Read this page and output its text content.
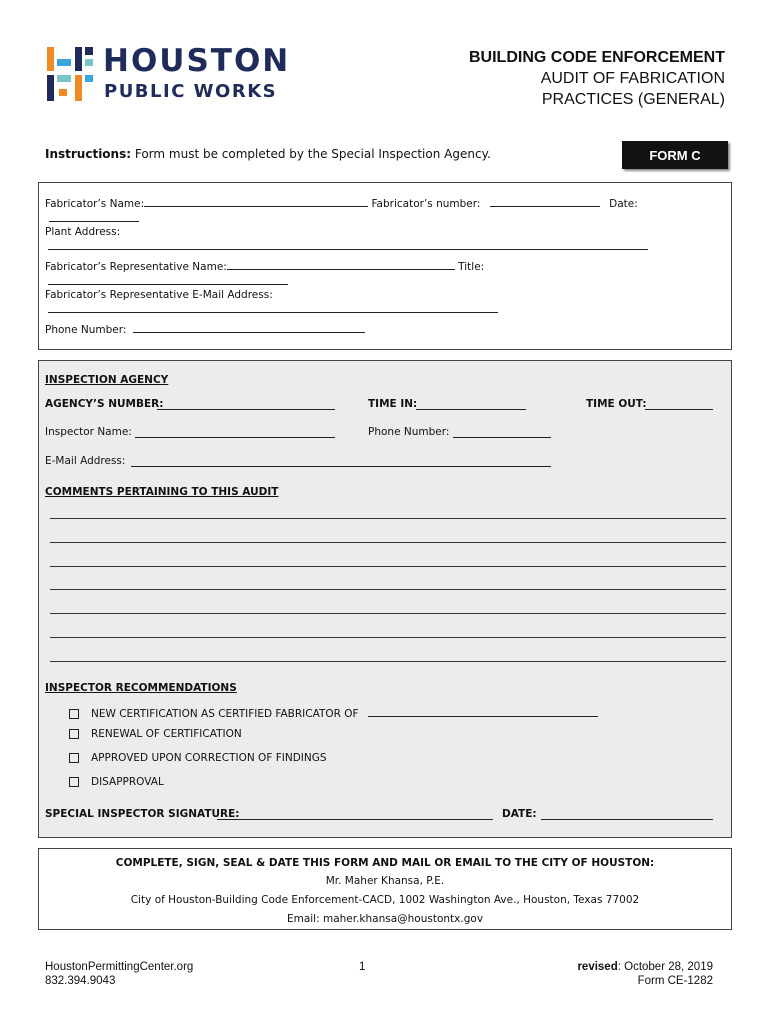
HOUSTON
PUBLIC WORKS
BUILDING CODE ENFORCEMENT
AUDIT OF FABRICATION
PRACTICES (GENERAL)
Instructions: Form must be completed by the Special Inspection Agency.	FORM C
Fabricator’s Name:	Fabricator’s number:	Date:
Plant Address:
Fabricator’s Representative Name:	Title:
Fabricator’s Representative E-Mail Address:
Phone Number:
INSPECTION AGENCY
AGENCY’S NUMBER:	TIME IN:	TIME OUT:
Inspector Name:	Phone Number:
E-Mail Address:
COMMENTS PERTAINING TO THIS AUDIT
INSPECTOR RECOMMENDATIONS
NEW CERTIFICATION AS CERTIFIED FABRICATOR OF
RENEWAL OF CERTIFICATION
APPROVED UPON CORRECTION OF FINDINGS
DISAPPROVAL
SPECIAL INSPECTOR SIGNATURE:	DATE:
COMPLETE, SIGN, SEAL & DATE THIS FORM AND MAIL OR EMAIL TO THE CITY OF HOUSTON:
Mr. Maher Khansa, P.E.
City of Houston-Building Code Enforcement-CACD, 1002 Washington Ave., Houston, Texas 77002
Email: maher.khansa@houstontx.gov
HoustonPermittingCenter.org
832.394.9043
1	revised: October 28, 2019
Form CE-1282
